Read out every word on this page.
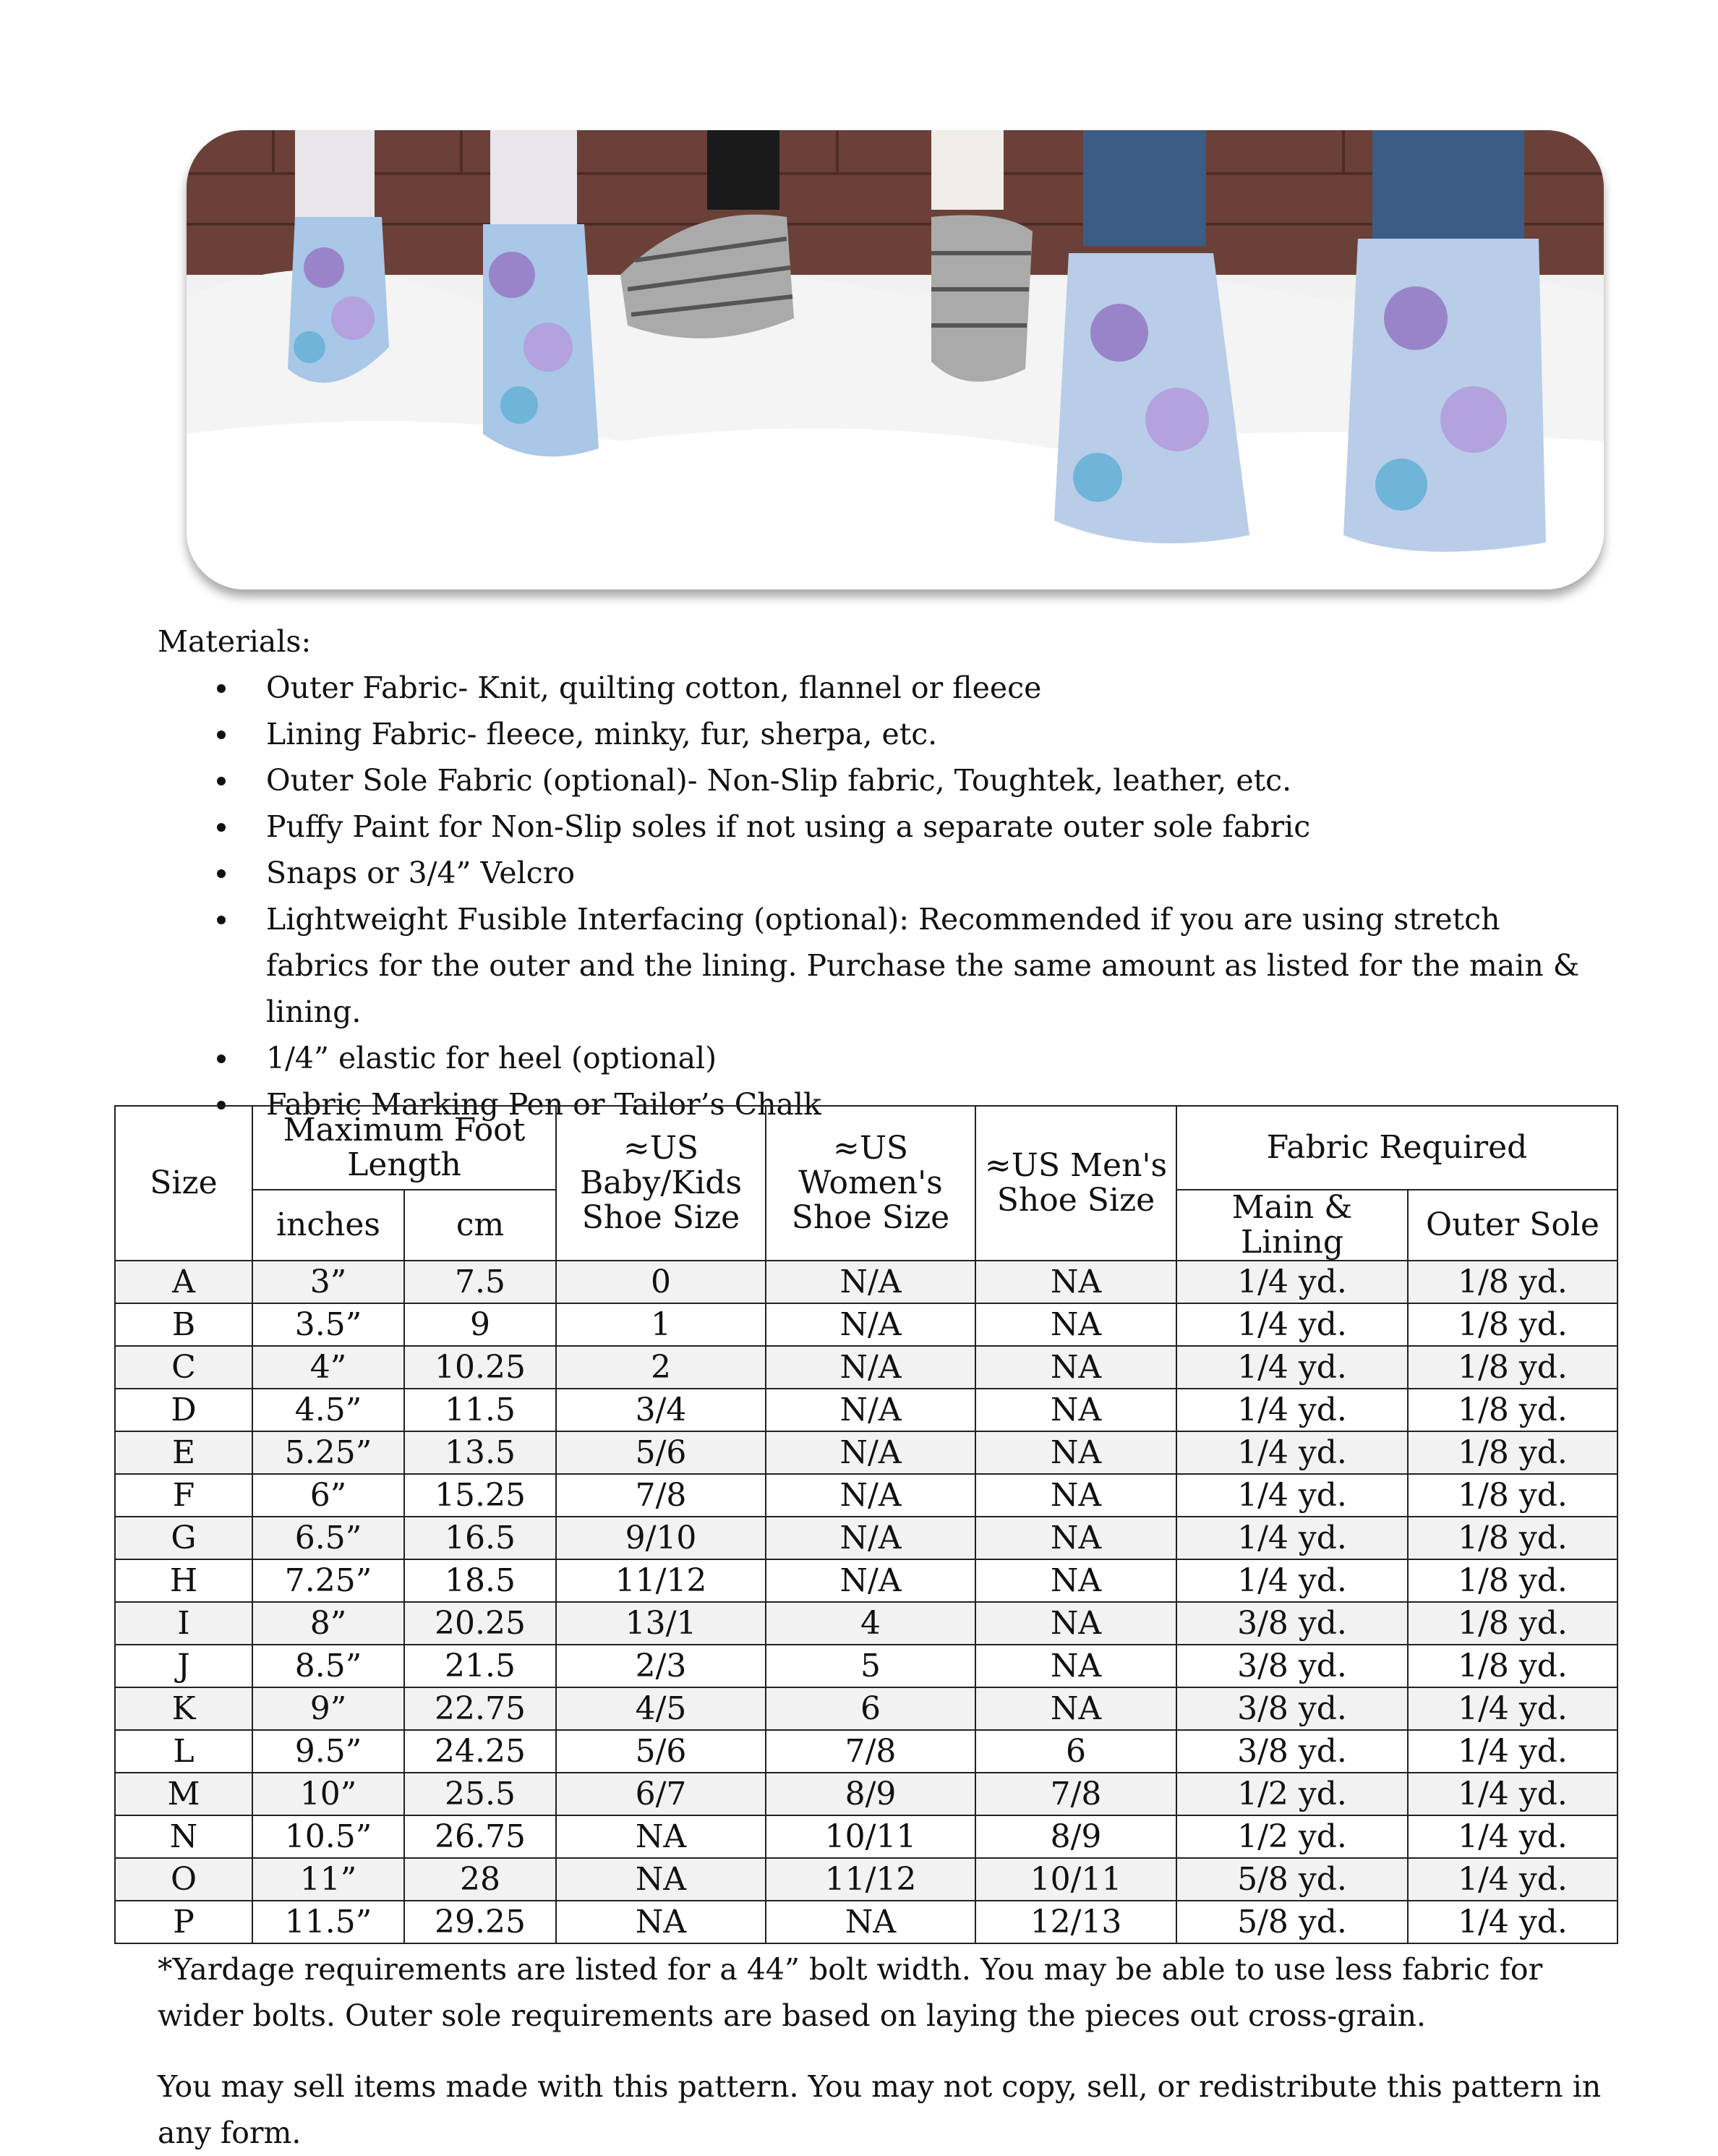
Materials:
Outer Fabric- Knit, quilting cotton, flannel or fleece
Lining Fabric- fleece, minky, fur, sherpa, etc.
Outer Sole Fabric (optional)- Non-Slip fabric, Toughtek, leather, etc.
Puffy Paint for Non-Slip soles if not using a separate outer sole fabric
Snaps or 3/4” Velcro
Lightweight Fusible Interfacing (optional): Recommended if you are using stretch fabrics for the outer and the lining. Purchase the same amount as listed for the main & lining.
1/4” elastic for heel (optional)
Fabric Marking Pen or Tailor’s Chalk
Size	Maximum Foot Length		≈US Baby/Kids Shoe Size	≈US Women's Shoe Size	≈US Men's Shoe Size	Fabric Required	
	inches	cm				Main & Lining	Outer Sole
A	3”	7.5	0	N/A	NA	1/4 yd.	1/8 yd.
B	3.5”	9	1	N/A	NA	1/4 yd.	1/8 yd.
C	4”	10.25	2	N/A	NA	1/4 yd.	1/8 yd.
D	4.5”	11.5	3/4	N/A	NA	1/4 yd.	1/8 yd.
E	5.25”	13.5	5/6	N/A	NA	1/4 yd.	1/8 yd.
F	6”	15.25	7/8	N/A	NA	1/4 yd.	1/8 yd.
G	6.5”	16.5	9/10	N/A	NA	1/4 yd.	1/8 yd.
H	7.25”	18.5	11/12	N/A	NA	1/4 yd.	1/8 yd.
I	8”	20.25	13/1	4	NA	3/8 yd.	1/8 yd.
J	8.5”	21.5	2/3	5	NA	3/8 yd.	1/8 yd.
K	9”	22.75	4/5	6	NA	3/8 yd.	1/4 yd.
L	9.5”	24.25	5/6	7/8	6	3/8 yd.	1/4 yd.
M	10”	25.5	6/7	8/9	7/8	1/2 yd.	1/4 yd.
N	10.5”	26.75	NA	10/11	8/9	1/2 yd.	1/4 yd.
O	11”	28	NA	11/12	10/11	5/8 yd.	1/4 yd.
P	11.5”	29.25	NA	NA	12/13	5/8 yd.	1/4 yd.

*Yardage requirements are listed for a 44” bolt width. You may be able to use less fabric for wider bolts. Outer sole requirements are based on laying the pieces out cross-grain.

You may sell items made with this pattern. You may not copy, sell, or redistribute this pattern in any form.
